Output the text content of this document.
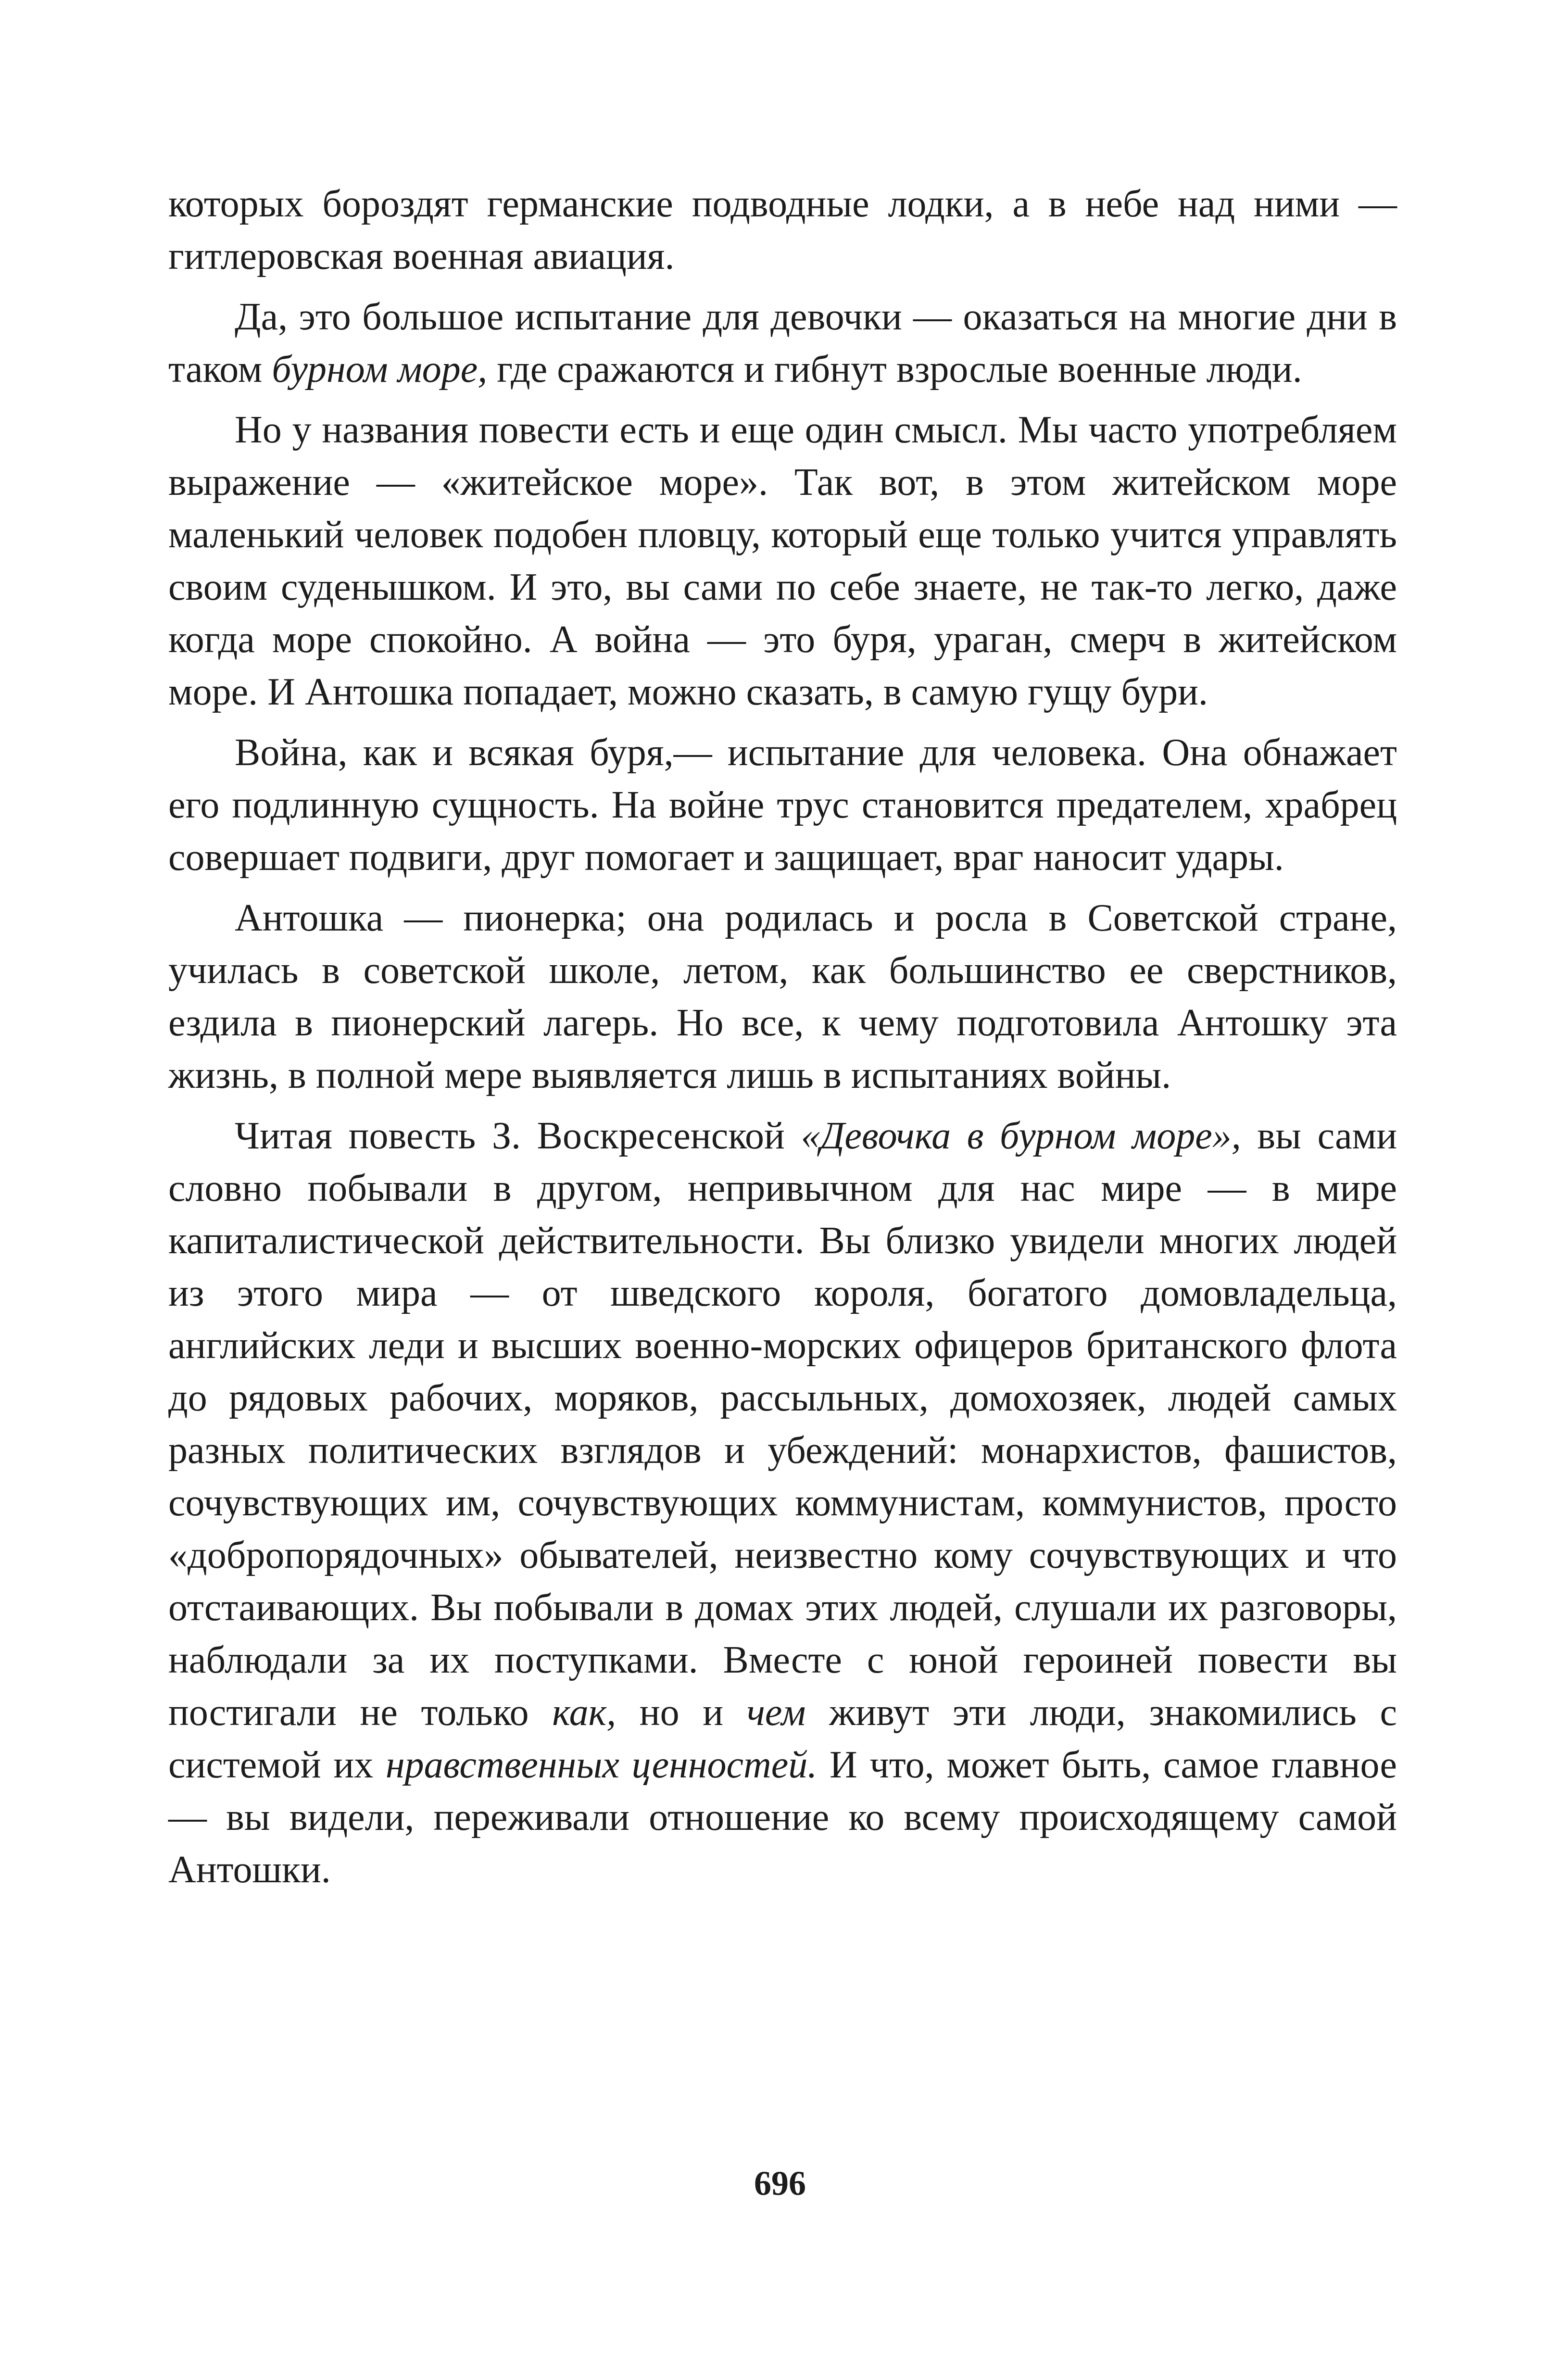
которых бороздят германские подводные лодки, а в небе над ними — гитлеровская военная авиация.

Да, это большое испытание для девочки — оказаться на многие дни в таком бурном море, где сражаются и гибнут взрослые военные люди.

Но у названия повести есть и еще один смысл. Мы часто употребляем выражение — «житейское море». Так вот, в этом житейском море маленький человек подобен пловцу, который еще только учится управлять своим суденышком. И это, вы сами по себе знаете, не так-то легко, даже когда море спокойно. А война — это буря, ураган, смерч в житейском море. И Антошка попадает, можно сказать, в самую гущу бури.

Война, как и всякая буря,— испытание для человека. Она обнажает его подлинную сущность. На войне трус становится предателем, храбрец совершает подвиги, друг помогает и защищает, враг наносит удары.

Антошка — пионерка; она родилась и росла в Советской стране, училась в советской школе, летом, как большинство ее сверстников, ездила в пионерский лагерь. Но все, к чему подготовила Антошку эта жизнь, в полной мере выявляется лишь в испытаниях войны.

Читая повесть З. Воскресенской «Девочка в бурном море», вы сами словно побывали в другом, непривычном для нас мире — в мире капиталистической действительности. Вы близко увидели многих людей из этого мира — от шведского короля, богатого домовладельца, английских леди и высших военно-морских офицеров британского флота до рядовых рабочих, моряков, рассыльных, домохозяек, людей самых разных политических взглядов и убеждений: монархистов, фашистов, сочувствующих им, сочувствующих коммунистам, коммунистов, просто «добропорядочных» обывателей, неизвестно кому сочувствующих и что отстаивающих. Вы побывали в домах этих людей, слушали их разговоры, наблюдали за их поступками. Вместе с юной героиней повести вы постигали не только как, но и чем живут эти люди, знакомились с системой их нравственных ценностей. И что, может быть, самое главное — вы видели, переживали отношение ко всему происходящему самой Антошки.

696
